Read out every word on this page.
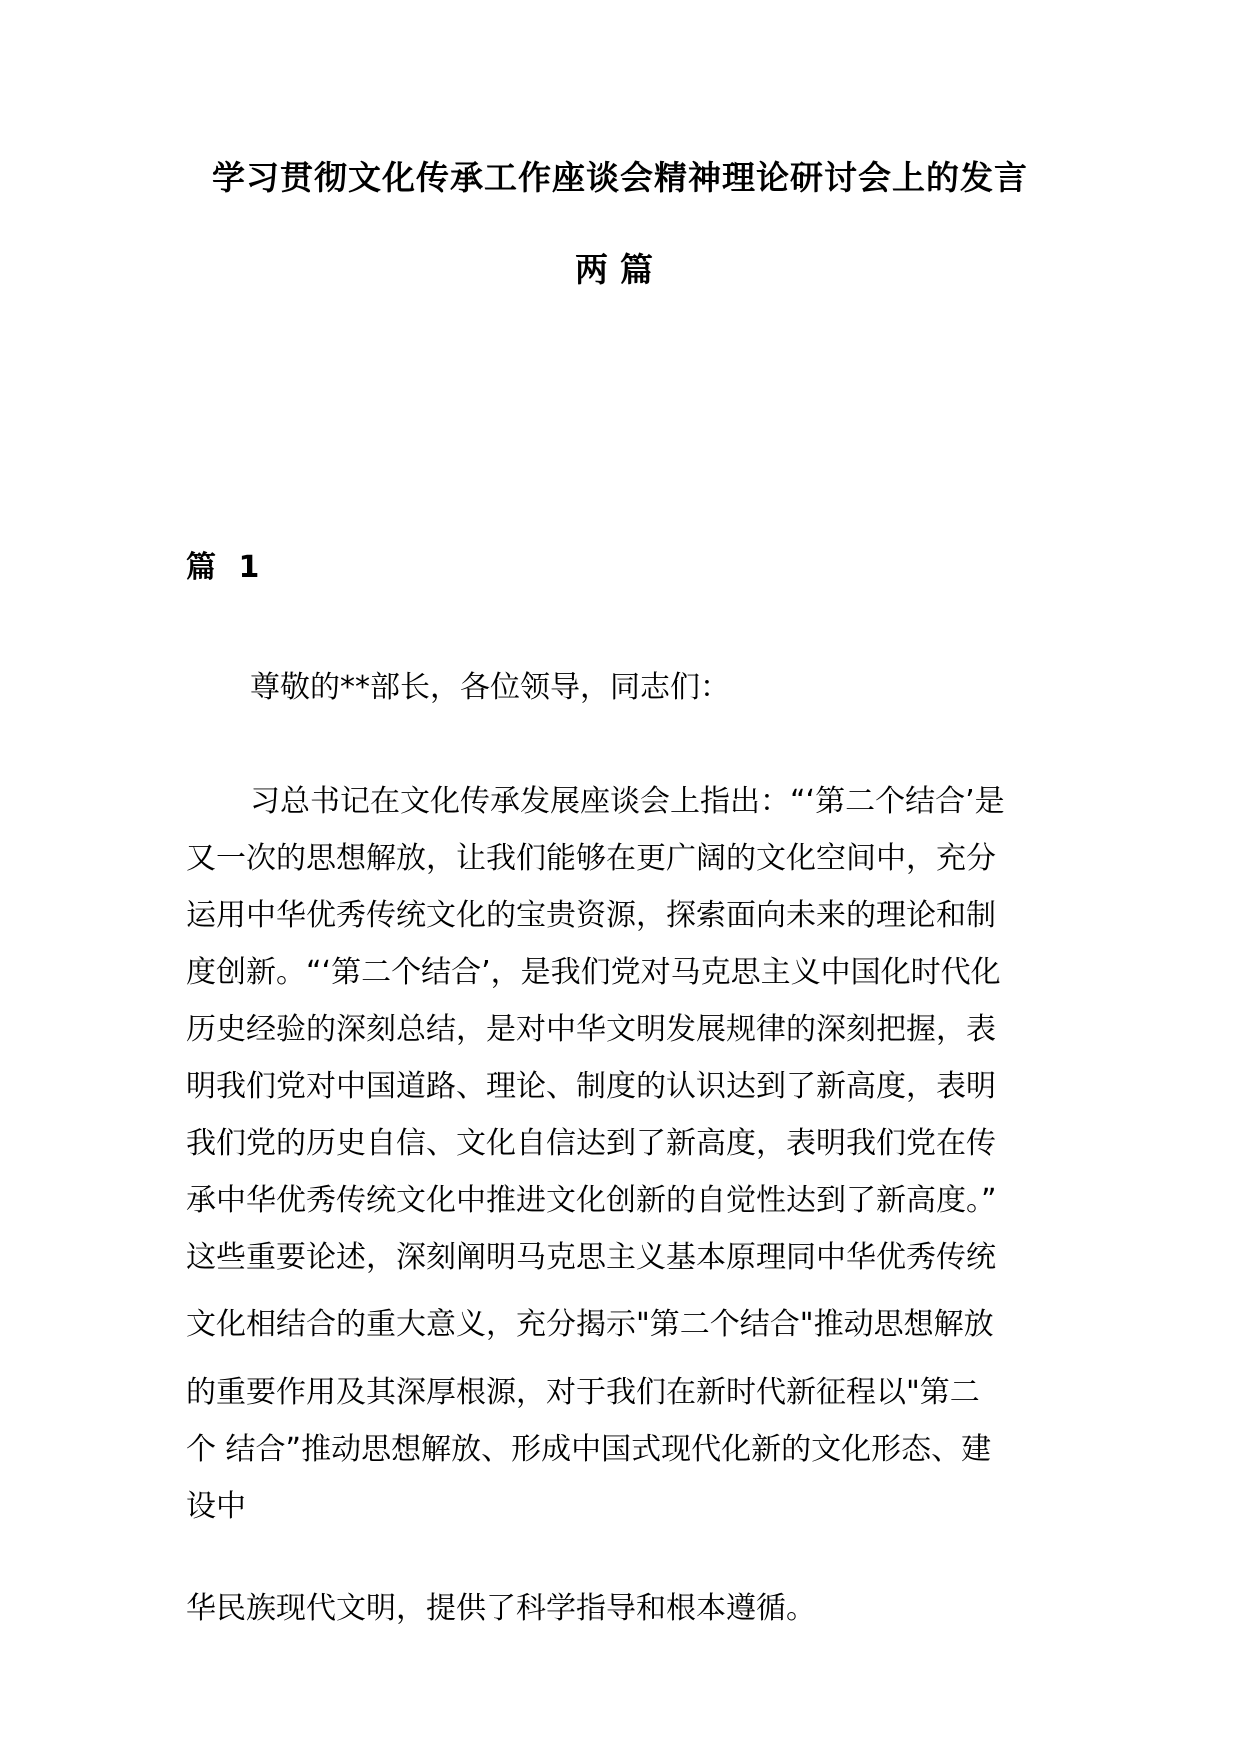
学习贯彻文化传承工作座谈会精神理论研讨会上的发言
两篇
篇 1

尊敬的**部长，各位领导，同志们：

习总书记在文化传承发展座谈会上指出：“‘第二个结合’是

又一次的思想解放，让我们能够在更广阔的文化空间中，充分

运用中华优秀传统文化的宝贵资源，探索面向未来的理论和制

度创新。“‘第二个结合’，是我们党对马克思主义中国化时代化

历史经验的深刻总结，是对中华文明发展规律的深刻把握，表

明我们党对中国道路、理论、制度的认识达到了新高度，表明

我们党的历史自信、文化自信达到了新高度，表明我们党在传

承中华优秀传统文化中推进文化创新的自觉性达到了新高度。”

这些重要论述，深刻阐明马克思主义基本原理同中华优秀传统

文化相结合的重大意义，充分揭示"第二个结合"推动思想解放

的重要作用及其深厚根源，对于我们在新时代新征程以"第二

个 结合”推动思想解放、形成中国式现代化新的文化形态、建

设中

华民族现代文明，提供了科学指导和根本遵循。
